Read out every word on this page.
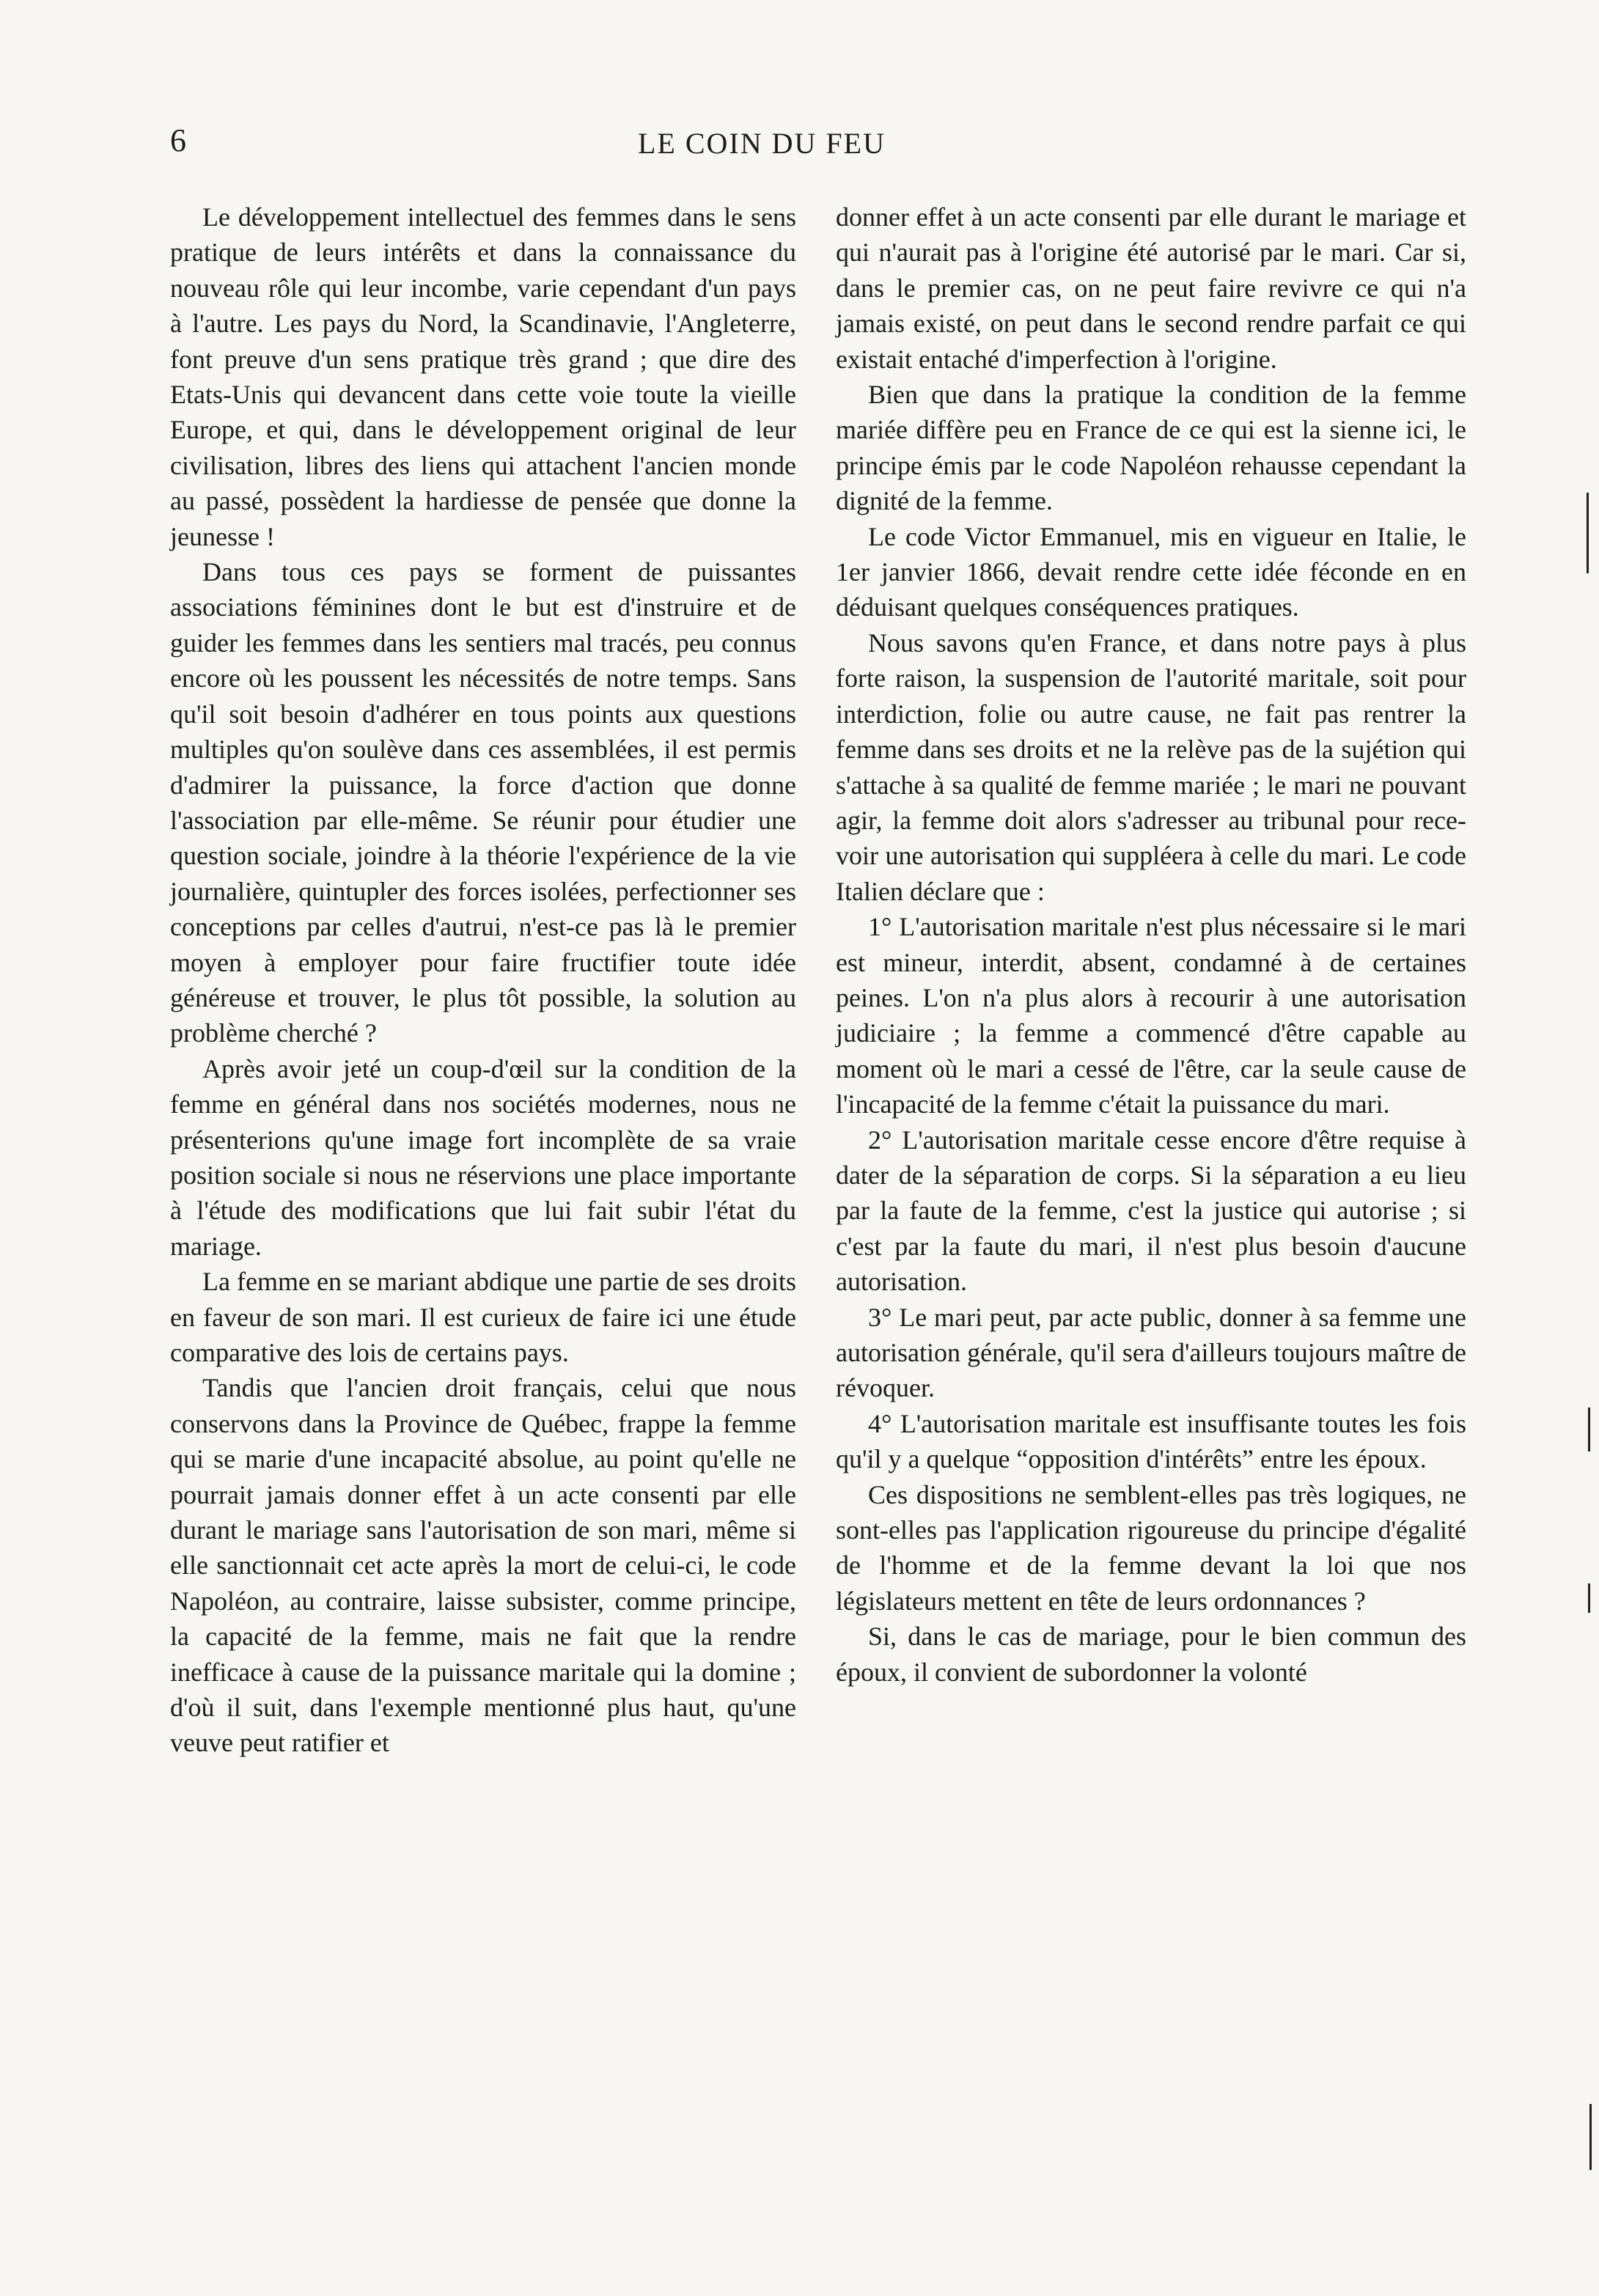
6	LE COIN DU FEU

Le développement intellectuel des femmes dans le sens pratique de leurs intérêts et dans la connaissance du nouveau rôle qui leur incombe, varie cependant d'un pays à l'autre. Les pays du Nord, la Scandinavie, l'Angleterre, font preuve d'un sens pratique très grand ; que dire des Etats-Unis qui devancent dans cette voie toute la vieille Europe, et qui, dans le développement original de leur civilisation, libres des liens qui attachent l'ancien monde au passé, possèdent la hardiesse de pensée que donne la jeunesse !

Dans tous ces pays se forment de puissantes associations féminines dont le but est d'instruire et de guider les femmes dans les sentiers mal tracés, peu connus encore où les poussent les nécessités de notre temps. Sans qu'il soit besoin d'adhérer en tous points aux questions multiples qu'on soulève dans ces assemblées, il est permis d'admirer la puissance, la force d'action que donne l'association par elle-même. Se réunir pour étudier une question sociale, joindre à la théorie l'expérience de la vie journalière, quintupler des forces isolées, perfectionner ses conceptions par celles d'autrui, n'est-ce pas là le premier moyen à employer pour faire fructifier toute idée généreuse et trouver, le plus tôt possible, la solution au problème cherché ?

Après avoir jeté un coup-d'œil sur la condition de la femme en général dans nos sociétés modernes, nous ne présenterions qu'une image fort incomplète de sa vraie position sociale si nous ne réservions une place importante à l'étude des modifications que lui fait subir l'état du mariage.

La femme en se mariant abdique une partie de ses droits en faveur de son mari. Il est curieux de faire ici une étude comparative des lois de certains pays.

Tandis que l'ancien droit français, celui que nous conservons dans la Province de Québec, frappe la femme qui se marie d'une incapacité absolue, au point qu'elle ne pourrait jamais donner effet à un acte consenti par elle durant le mariage sans l'autorisation de son mari, même si elle sanctionnait cet acte après la mort de celui-ci, le code Napoléon, au contraire, laisse subsister, comme principe, la capacité de la femme, mais ne fait que la rendre inefficace à cause de la puissance maritale qui la domine ; d'où il suit, dans l'exemple mentionné plus haut, qu'une veuve peut ratifier et

donner effet à un acte consenti par elle durant le mariage et qui n'aurait pas à l'origine été autorisé par le mari. Car si, dans le premier cas, on ne peut faire revivre ce qui n'a jamais existé, on peut dans le second rendre parfait ce qui existait entaché d'imperfection à l'origine.

Bien que dans la pratique la condition de la femme mariée diffère peu en France de ce qui est la sienne ici, le principe émis par le code Napoléon rehausse cependant la dignité de la femme.

Le code Victor Emmanuel, mis en vigueur en Italie, le 1er janvier 1866, devait rendre cette idée féconde en en déduisant quelques conséquences pratiques.

Nous savons qu'en France, et dans notre pays à plus forte raison, la suspension de l'autorité maritale, soit pour interdiction, folie ou autre cause, ne fait pas rentrer la femme dans ses droits et ne la relève pas de la sujétion qui s'attache à sa qualité de femme mariée ; le mari ne pouvant agir, la femme doit alors s'adresser au tribunal pour recevoir une autorisation qui suppléera à celle du mari. Le code Italien déclare que :

1° L'autorisation maritale n'est plus nécessaire si le mari est mineur, interdit, absent, condamné à de certaines peines. L'on n'a plus alors à recourir à une autorisation judiciaire ; la femme a commencé d'être capable au moment où le mari a cessé de l'être, car la seule cause de l'incapacité de la femme c'était la puissance du mari.

2° L'autorisation maritale cesse encore d'être requise à dater de la séparation de corps. Si la séparation a eu lieu par la faute de la femme, c'est la justice qui autorise ; si c'est par la faute du mari, il n'est plus besoin d'aucune autorisation.

3° Le mari peut, par acte public, donner à sa femme une autorisation générale, qu'il sera d'ailleurs toujours maître de révoquer.

4° L'autorisation maritale est insuffisante toutes les fois qu'il y a quelque “opposition d'intérêts” entre les époux.

Ces dispositions ne semblent-elles pas très logiques, ne sont-elles pas l'application rigoureuse du principe d'égalité de l'homme et de la femme devant la loi que nos législateurs mettent en tête de leurs ordonnances ?

Si, dans le cas de mariage, pour le bien commun des époux, il convient de subordonner la volonté
